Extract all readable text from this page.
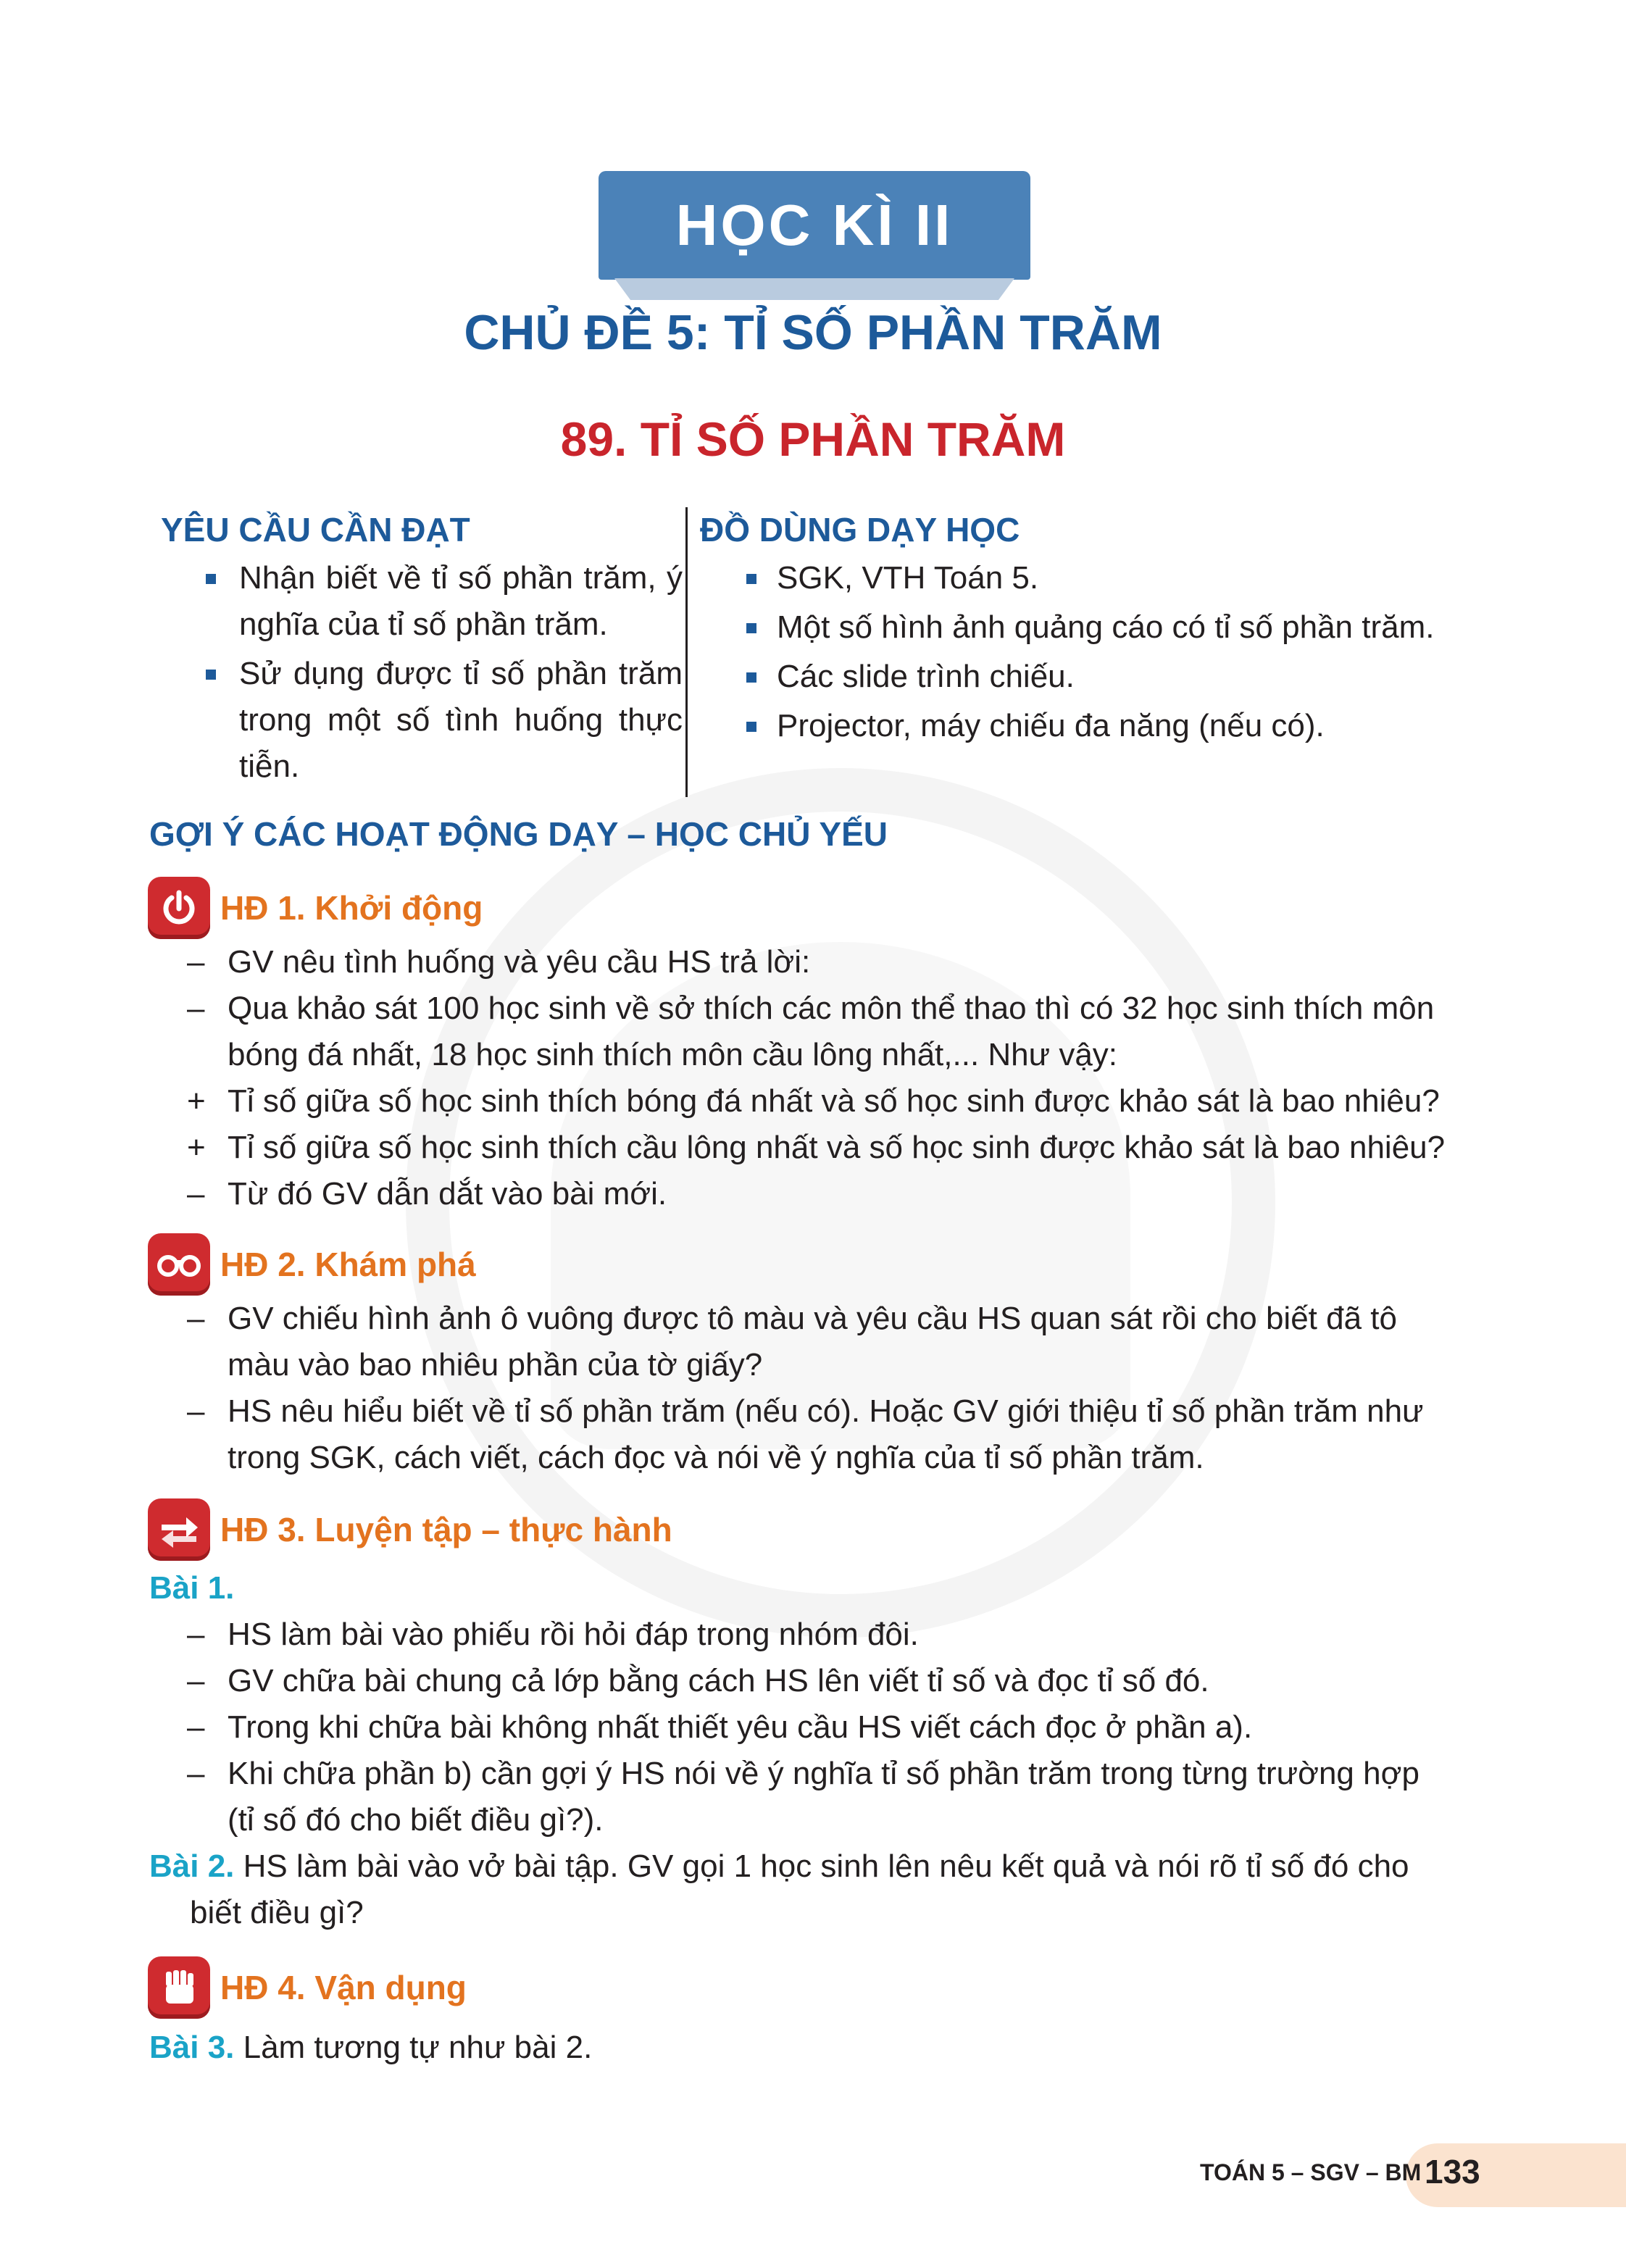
HỌC KÌ II
CHỦ ĐỀ 5: TỈ SỐ PHẦN TRĂM
89. TỈ SỐ PHẦN TRĂM
YÊU CẦU CẦN ĐẠT
Nhận biết về tỉ số phần trăm, ý nghĩa của tỉ số phần trăm.
Sử dụng được tỉ số phần trăm trong một số tình huống thực tiễn.
ĐỒ DÙNG DẠY HỌC
SGK, VTH Toán 5.
Một số hình ảnh quảng cáo có tỉ số phần trăm.
Các slide trình chiếu.
Projector, máy chiếu đa năng (nếu có).
GỢI Ý CÁC HOẠT ĐỘNG DẠY – HỌC CHỦ YẾU
HĐ 1. Khởi động
– GV nêu tình huống và yêu cầu HS trả lời:
– Qua khảo sát 100 học sinh về sở thích các môn thể thao thì có 32 học sinh thích môn
bóng đá nhất, 18 học sinh thích môn cầu lông nhất,... Như vậy:
+ Tỉ số giữa số học sinh thích bóng đá nhất và số học sinh được khảo sát là bao nhiêu?
+ Tỉ số giữa số học sinh thích cầu lông nhất và số học sinh được khảo sát là bao nhiêu?
– Từ đó GV dẫn dắt vào bài mới.
HĐ 2. Khám phá
– GV chiếu hình ảnh ô vuông được tô màu và yêu cầu HS quan sát rồi cho biết đã tô
màu vào bao nhiêu phần của tờ giấy?
– HS nêu hiểu biết về tỉ số phần trăm (nếu có). Hoặc GV giới thiệu tỉ số phần trăm như
trong SGK, cách viết, cách đọc và nói về ý nghĩa của tỉ số phần trăm.
HĐ 3. Luyện tập – thực hành
Bài 1.
– HS làm bài vào phiếu rồi hỏi đáp trong nhóm đôi.
– GV chữa bài chung cả lớp bằng cách HS lên viết tỉ số và đọc tỉ số đó.
– Trong khi chữa bài không nhất thiết yêu cầu HS viết cách đọc ở phần a).
– Khi chữa phần b) cần gợi ý HS nói về ý nghĩa tỉ số phần trăm trong từng trường hợp
(tỉ số đó cho biết điều gì?).
Bài 2. HS làm bài vào vở bài tập. GV gọi 1 học sinh lên nêu kết quả và nói rõ tỉ số đó cho
biết điều gì?
HĐ 4. Vận dụng
Bài 3. Làm tương tự như bài 2.
TOÁN 5 – SGV – BM 133
